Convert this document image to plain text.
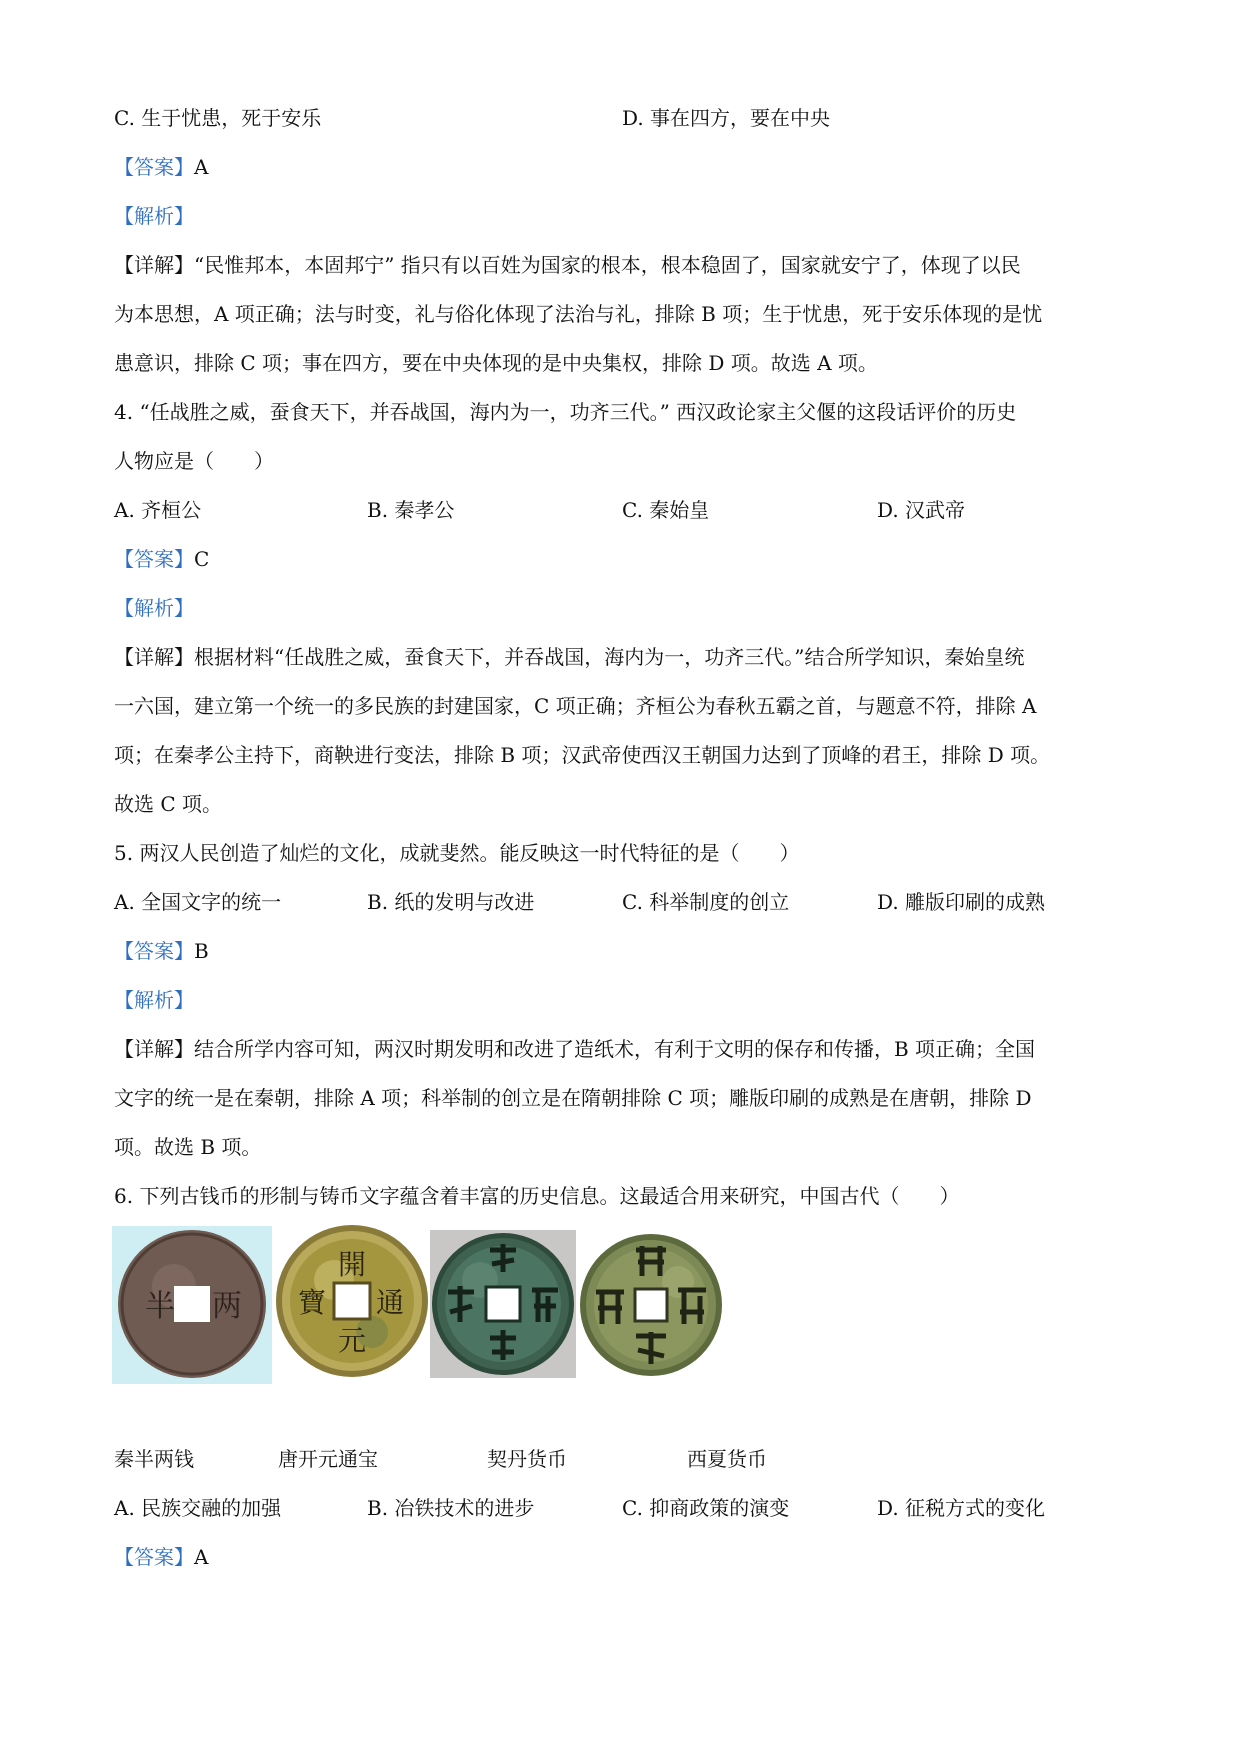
C. 生于忧患，死于安乐	D. 事在四方，要在中央
【答案】A
【解析】
【详解】“民惟邦本，本固邦宁” 指只有以百姓为国家的根本，根本稳固了，国家就安宁了，体现了以民
为本思想，A 项正确；法与时变，礼与俗化体现了法治与礼，排除 B 项；生于忧患，死于安乐体现的是忧
患意识，排除 C 项；事在四方，要在中央体现的是中央集权，排除 D 项。故选 A 项。
4. “任战胜之威，蚕食天下，并吞战国，海内为一，功齐三代。” 西汉政论家主父偃的这段话评价的历史
人物应是（　　）
A. 齐桓公	B. 秦孝公	C. 秦始皇	D. 汉武帝
【答案】C
【解析】
【详解】根据材料“任战胜之威，蚕食天下，并吞战国，海内为一，功齐三代。”结合所学知识，秦始皇统
一六国，建立第一个统一的多民族的封建国家，C 项正确；齐桓公为春秋五霸之首，与题意不符，排除 A
项；在秦孝公主持下，商鞅进行变法，排除 B 项；汉武帝使西汉王朝国力达到了顶峰的君王，排除 D 项。
故选 C 项。
5. 两汉人民创造了灿烂的文化，成就斐然。能反映这一时代特征的是（　　）
A. 全国文字的统一	B. 纸的发明与改进	C. 科举制度的创立	D. 雕版印刷的成熟
【答案】B
【解析】
【详解】结合所学内容可知，两汉时期发明和改进了造纸术，有利于文明的保存和传播，B 项正确；全国
文字的统一是在秦朝，排除 A 项；科举制的创立是在隋朝排除 C 项；雕版印刷的成熟是在唐朝，排除 D
项。故选 B 项。
6. 下列古钱币的形制与铸币文字蕴含着丰富的历史信息。这最适合用来研究，中国古代（　　）
半 两
開
元
通
寶
秦半两钱	唐开元通宝	契丹货币	西夏货币
A. 民族交融的加强	B. 冶铁技术的进步	C. 抑商政策的演变	D. 征税方式的变化
【答案】A
